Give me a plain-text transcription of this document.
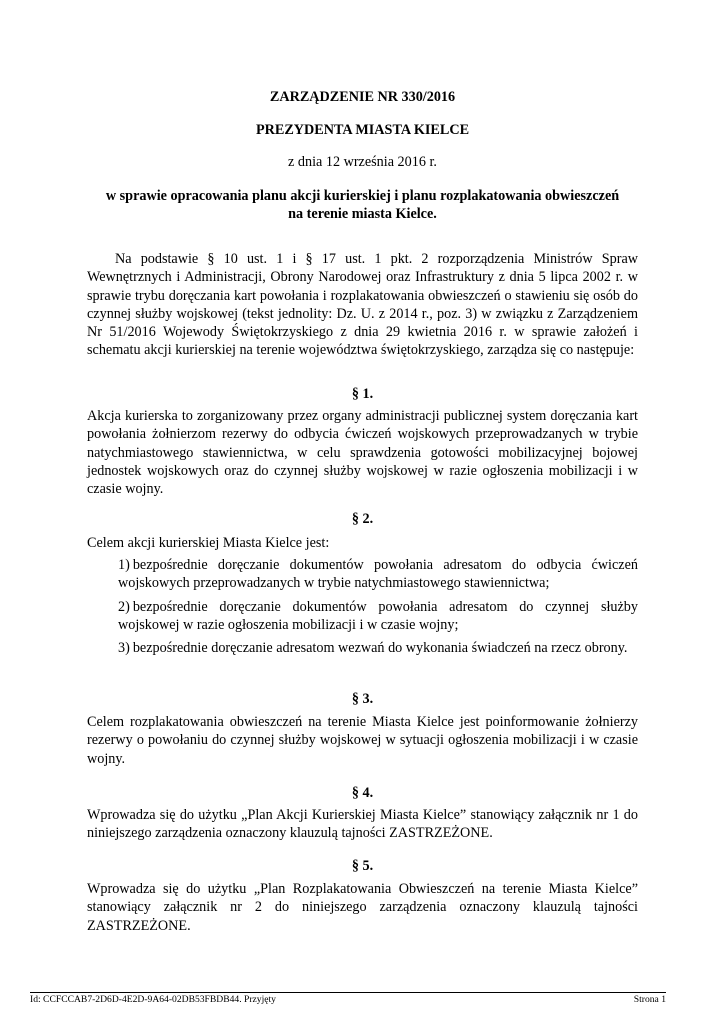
ZARZĄDZENIE NR 330/2016

PREZYDENTA MIASTA KIELCE

z dnia 12 września 2016 r.

w sprawie opracowania planu akcji kurierskiej i planu rozplakatowania obwieszczeń

na terenie miasta Kielce.

Na podstawie § 10 ust. 1 i § 17 ust. 1 pkt. 2 rozporządzenia Ministrów Spraw Wewnętrznych i Administracji, Obrony Narodowej oraz Infrastruktury z dnia 5 lipca 2002 r. w sprawie trybu doręczania kart powołania i rozplakatowania obwieszczeń o stawieniu się osób do czynnej służby wojskowej (tekst jednolity: Dz. U. z 2014 r., poz. 3) w związku z Zarządzeniem Nr 51/2016 Wojewody Świętokrzyskiego z dnia 29 kwietnia 2016 r. w sprawie założeń i schematu akcji kurierskiej na terenie województwa świętokrzyskiego, zarządza się co następuje:

§ 1.

Akcja kurierska to zorganizowany przez organy administracji publicznej system doręczania kart powołania żołnierzom rezerwy do odbycia ćwiczeń wojskowych przeprowadzanych w trybie natychmiastowego stawiennictwa, w celu sprawdzenia gotowości mobilizacyjnej bojowej jednostek wojskowych oraz do czynnej służby wojskowej w razie ogłoszenia mobilizacji i w czasie wojny.

§ 2.

Celem akcji kurierskiej Miasta Kielce jest:

1) bezpośrednie doręczanie dokumentów powołania adresatom do odbycia ćwiczeń wojskowych przeprowadzanych w trybie natychmiastowego stawiennictwa;

2) bezpośrednie doręczanie dokumentów powołania adresatom do czynnej służby wojskowej w razie ogłoszenia mobilizacji i w czasie wojny;

3) bezpośrednie doręczanie adresatom wezwań do wykonania świadczeń na rzecz obrony.

§ 3.

Celem rozplakatowania obwieszczeń na terenie Miasta Kielce jest poinformowanie żołnierzy rezerwy o powołaniu do czynnej służby wojskowej w sytuacji ogłoszenia mobilizacji i w czasie wojny.

§ 4.

Wprowadza się do użytku „Plan Akcji Kurierskiej Miasta Kielce” stanowiący załącznik nr 1 do niniejszego zarządzenia oznaczony klauzulą tajności ZASTRZEŻONE.

§ 5.

Wprowadza się do użytku „Plan Rozplakatowania Obwieszczeń na terenie Miasta Kielce” stanowiący załącznik nr 2 do niniejszego zarządzenia oznaczony klauzulą tajności ZASTRZEŻONE.

Id: CCFCCAB7-2D6D-4E2D-9A64-02DB53FBDB44. Przyjęty	Strona 1
